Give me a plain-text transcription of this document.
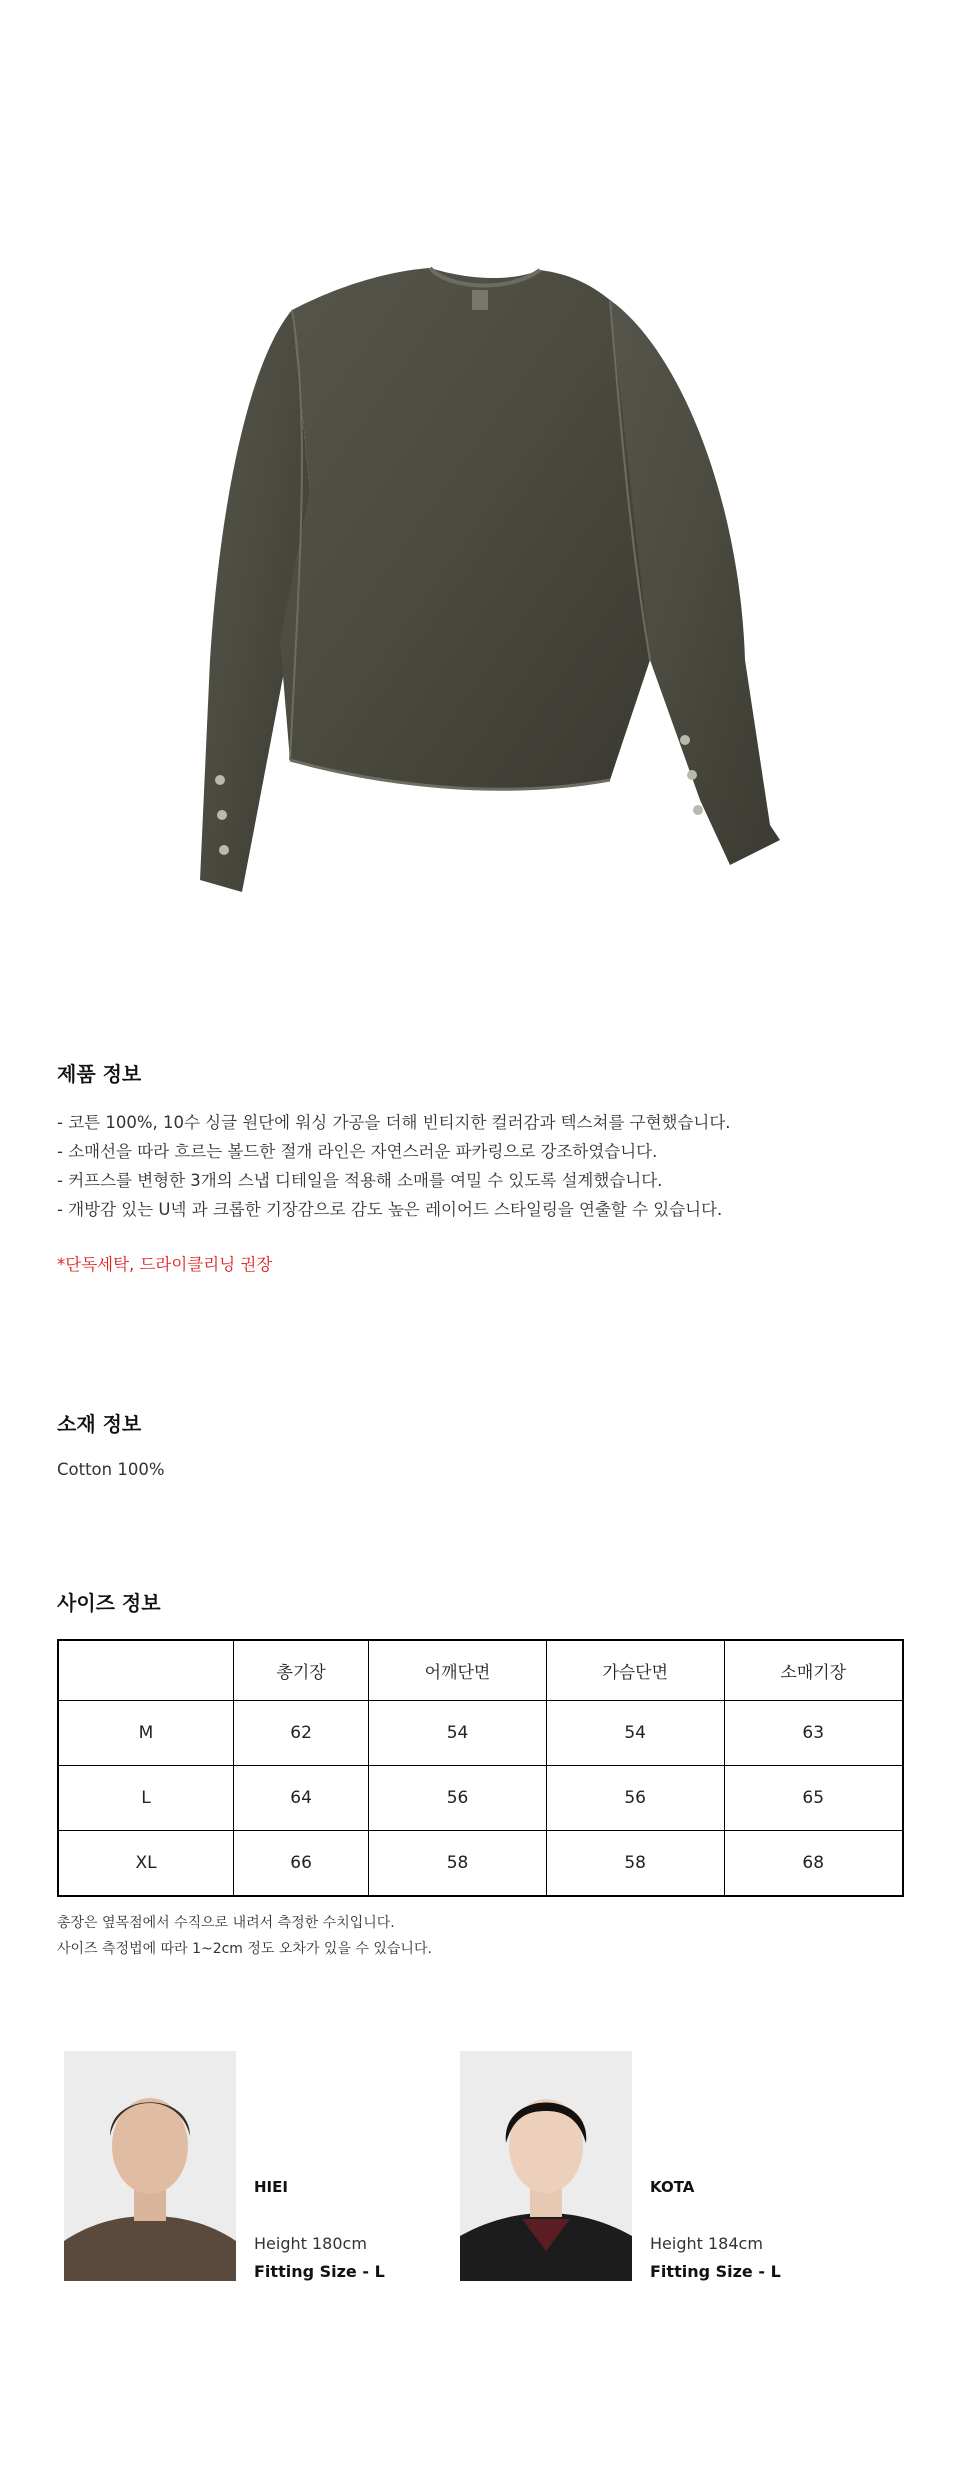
제품 정보
- 코튼 100%, 10수 싱글 원단에 워싱 가공을 더해 빈티지한 컬러감과 텍스쳐를 구현했습니다.
- 소매선을 따라 흐르는 볼드한 절개 라인은 자연스러운 파카링으로 강조하였습니다.
- 커프스를 변형한 3개의 스냅 디테일을 적용해 소매를 여밀 수 있도록 설계했습니다.
- 개방감 있는 U넥 과 크롭한 기장감으로 감도 높은 레이어드 스타일링을 연출할 수 있습니다.

*단독세탁, 드라이클리닝 권장

소재 정보

Cotton 100%

사이즈 정보
	총기장	어깨단면	가슴단면	소매기장
M	62	54	54	63
L	64	56	56	65
XL	66	58	58	68

총장은 옆목점에서 수직으로 내려서 측정한 수치입니다.

사이즈 측정법에 따라 1~2cm 정도 오차가 있을 수 있습니다.

HIEI

Height 180cm

Fitting Size - L

KOTA

Height 184cm

Fitting Size - L
